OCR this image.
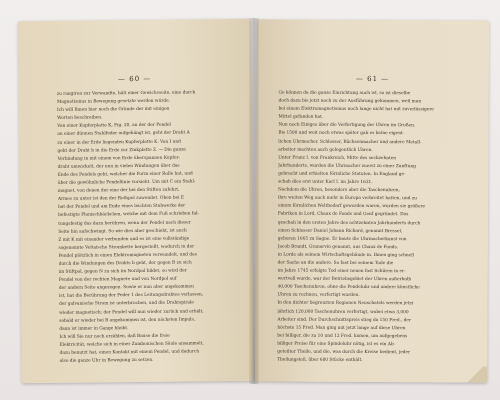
— 60 —
zu rangiren zur Verwandte, hält einer Gewichsseite, eine durch
Magnetismus in Bewegung gesetzte werden würde.
Ich will Ihnen hier noch die Gründe der mit einigen
Worten beschreiben.
Von einer Kupferplatte K, Fig. 20, an der der Pendel
an einer dünnen Stahlfeder aufgehängt ist, geht der Draht A
zu einer in der Erde liegenden Kupferplatte K. Von I und
geht der Draht b in die Erde zur Zinkplatte Z. — Die ganze
Verbindung in mit einem von Erde überspannen Kupfer-
draht umwickelt, der nun in vielen Windungen über das
Ende des Pendels geht, welcher die Form einer Rolle hat, und
über die gewöhnliche Pendellinie vorsieht. Um mit C ein Stahl-
magnet, von denen der eine der bei den Stiften zufehrt,
Armes zu unter ist den der Rothpol zuwendet. Oben bei E
hat der Pendel und am Ende eines leichten Stabwerke der
befestigte Planischbäckchen, welche mit dem Fuß schrieben fal-
tungsfestig das dazu berühren, wenn der Pendel nach dieser
Seite hin aufschwingt. So wie dies aber geschieht, ist auch
Z mit K mit einander verbunden und es ist eine vollständige
sogenannte Voltaische Stromkette hergestellt, wodurch in der
Pendel plötzlich in einen Elektromagneten verwandelt, und das
durch die Windungen des Drahts b geht, der gegen B zu sich
im Stiftpol, gegen N zu sich im Nordpol bildet, so wird der
Pendel von der rechten Magnete und von Nordpol auf
der andern Seite angezogen. Sowie er nun aber angekommen
ist, hat die Berührung der Feder 1 des Leitungsdrahtes verlassen,
der galvanische Strom ist unterbrochen, und die Drahtspirale
wieder magnetisch; der Pendel will nun wieder zurück und erhält,
sobald er wieder bei B angekommen ist, den nächsten Impuls,
dann ist immer in Gange bleibt.
Ich will Sie nur noch erzählen, daß Bause die freie
Elektricität, welche sich in einer Zambonischen Säule ansammelt,
dazu benutzt hat, einen Kontakt mit einem Pendel, und dadurch
also die ganze Uhr in Bewegung zu setzen.
— 61 —
Ge können da die ganze Einrichtung auch ist, so ist dieselbe
doch dazu bis jetzt noch zu der Ausführung gekommen, weil man
bei einem Elektromagnetismus noch lange nicht hat mit zuverlässigere
Mittel gefunden hat.
Nun noch Einiges über die Verfertigung der Uhren im Großen.
Bis 1500 und weit noch etwas später gab es keine eigent-
lichen Uhrmacher. Schlosser, Büchsenmacher und andere Metall-
arbeiter machten auch gelegentlich Uhren.
Unter Franz I. von Frankreich, Mitte des sechzehnten
Jahrhunderts, wurden die Uhrmacher zuerst zu einer Zunftung
gebracht und erhielten förmliche Statuten. In England ge-
schah dies erst unter Karl I. im Jahre 1631.
Nachdem die Uhren, besonders aber die Taschenuhren,
ihre weiten Weg auch mehr in Europa verbreitet hatten, und zu
einem förmlichen Weltbedarf geworden waren, wurden sie größere
Fabriken in Lord, Chaux de Fonds und Genf gegründet. Das
geschah in den ersten Jahre des achtzehnten Jahrhunderts durch
einen Schlosser Daniel Johann Richard, genannt Bressel,
geboren 1665 zu Sagne. Er baute die Uhrmacherkunst von
Jacob Brandt, Granarvin genannt, aus Chaux de Fonds,
in Lorde als seinem Wirtschaftsgebäude in. Ihnen ging schnell
der Sache an die andere. So fast bei seinem Tode die
im Jahre 1745 erfolgte Tod einer neuen fast Schüren in er-
wertvoll wurde, war der Betriebsgebiet der Uhren außerhalb
40,000 Taschenuhren, ohne die Pendeluhr und andere künstliche
Uhren zu rechnen, verfertigt wurden.
In den dichter begrenzten Regionen Neuschatels werden jetzt
jährlich 120,000 Taschenuhren verfertigt, wobei etwa 3,000
Arbeiter sind. Der Durchschnittspreis stieg da 150 Fred., der
höchste 15 Fred. Man ging mit jetzt lange auf diese Uhren
bei billiger, die zu 10 und 12 Fred. kamen, um aufgegebens
billiger Preise für eine Spindeluhr nötig, ist es ein Ab-
geteilter Theile, und die, was durch die Kreise bedient, jeder
Theilungsteil, über 680 Stücke enthält.
